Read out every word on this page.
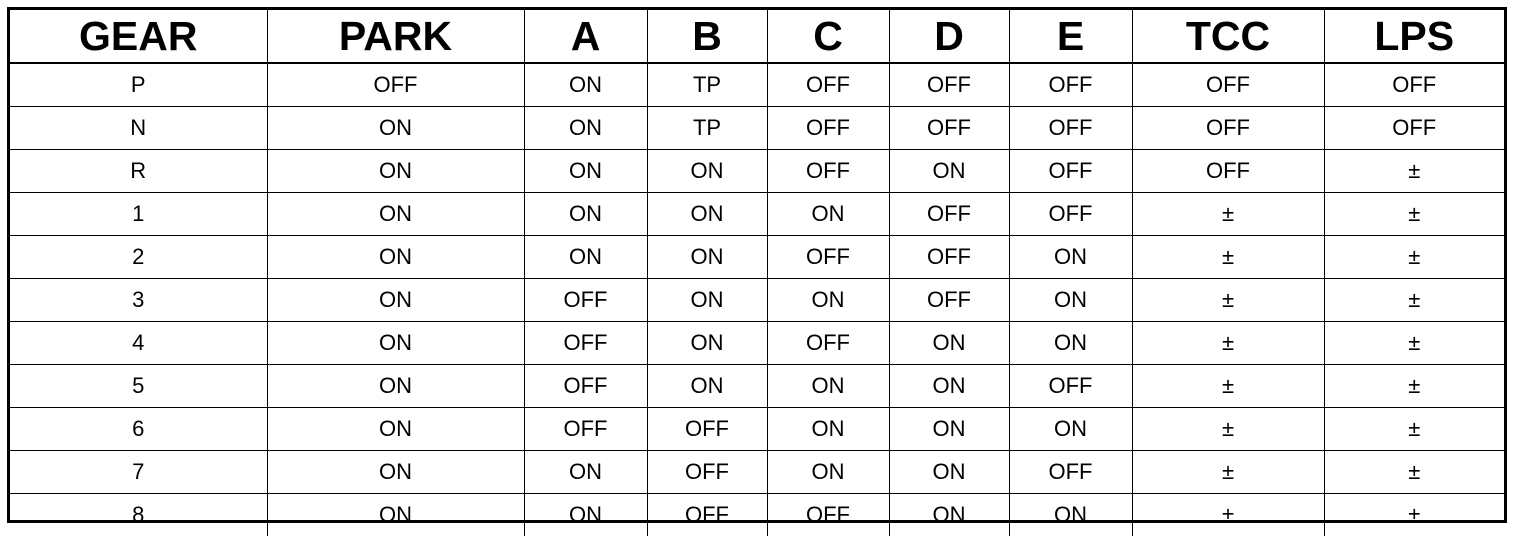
GEAR	PARK	A	B	C	D	E	TCC	LPS
P	OFF	ON	TP	OFF	OFF	OFF	OFF	OFF
N	ON	ON	TP	OFF	OFF	OFF	OFF	OFF
R	ON	ON	ON	OFF	ON	OFF	OFF	±
1	ON	ON	ON	ON	OFF	OFF	±	±
2	ON	ON	ON	OFF	OFF	ON	±	±
3	ON	OFF	ON	ON	OFF	ON	±	±
4	ON	OFF	ON	OFF	ON	ON	±	±
5	ON	OFF	ON	ON	ON	OFF	±	±
6	ON	OFF	OFF	ON	ON	ON	±	±
7	ON	ON	OFF	ON	ON	OFF	±	±
8	ON	ON	OFF	OFF	ON	ON	±	±
